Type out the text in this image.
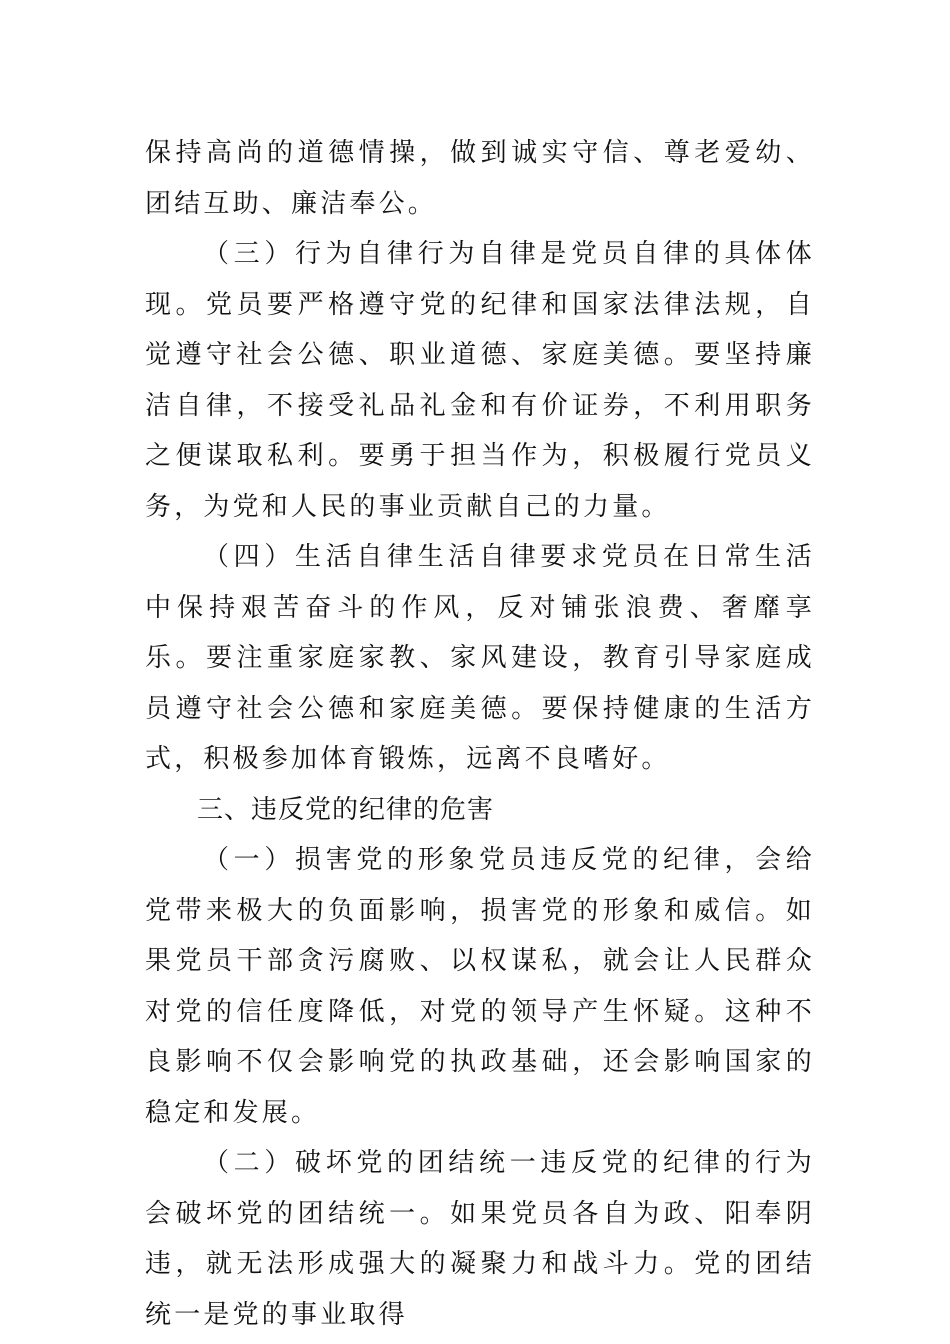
保持高尚的道德情操，做到诚实守信、尊老爱幼、团结互助、廉洁奉公。

（三）行为自律行为自律是党员自律的具体体现。党员要严格遵守党的纪律和国家法律法规，自觉遵守社会公德、职业道德、家庭美德。要坚持廉洁自律，不接受礼品礼金和有价证券，不利用职务之便谋取私利。要勇于担当作为，积极履行党员义务，为党和人民的事业贡献自己的力量。

（四）生活自律生活自律要求党员在日常生活中保持艰苦奋斗的作风，反对铺张浪费、奢靡享乐。要注重家庭家教、家风建设，教育引导家庭成员遵守社会公德和家庭美德。要保持健康的生活方式，积极参加体育锻炼，远离不良嗜好。

三、违反党的纪律的危害

（一）损害党的形象党员违反党的纪律，会给党带来极大的负面影响，损害党的形象和威信。如果党员干部贪污腐败、以权谋私，就会让人民群众对党的信任度降低，对党的领导产生怀疑。这种不良影响不仅会影响党的执政基础，还会影响国家的稳定和发展。

（二）破坏党的团结统一违反党的纪律的行为会破坏党的团结统一。如果党员各自为政、阳奉阴违，就无法形成强大的凝聚力和战斗力。党的团结统一是党的事业取得
